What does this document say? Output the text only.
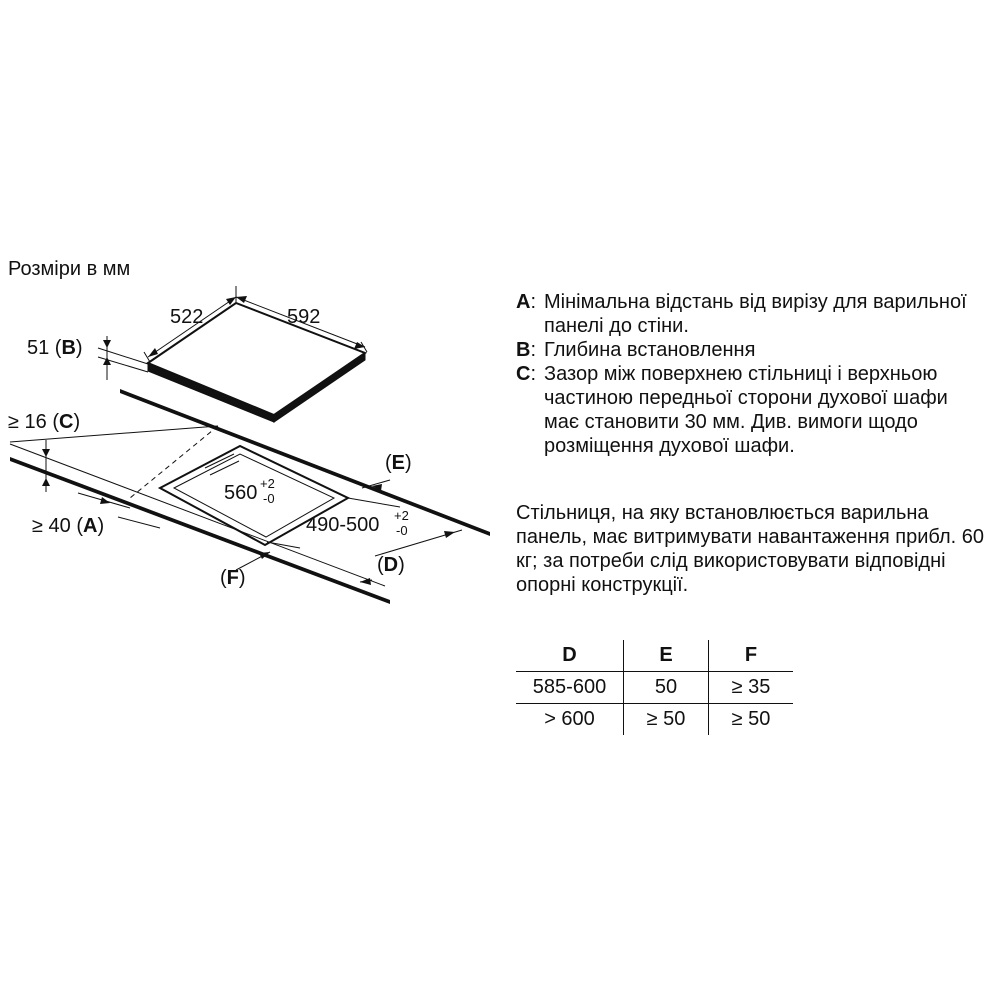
Розміри в мм
522	592
51 (B)
≥ 16 (C)
≥ 40 (A)
(E)
(D)
(F)
560 +2
-0
490-500 +2
-0
A : Мінімальна відстань від вирізу для варильної панелі до стіни.
B : Глибина встановлення
C : Зазор між поверхнею стільниці і верхньою частиною передньої сторони духової шафи має становити 30 мм. Див. вимоги щодо розміщення духової шафи.
Стільниця, на яку встановлюється варильна панель, має витримувати навантаження прибл. 60 кг; за потреби слід використовувати відповідні опорні конструкції.
D	E	F
585-600	50	≥ 35
> 600	≥ 50	≥ 50
